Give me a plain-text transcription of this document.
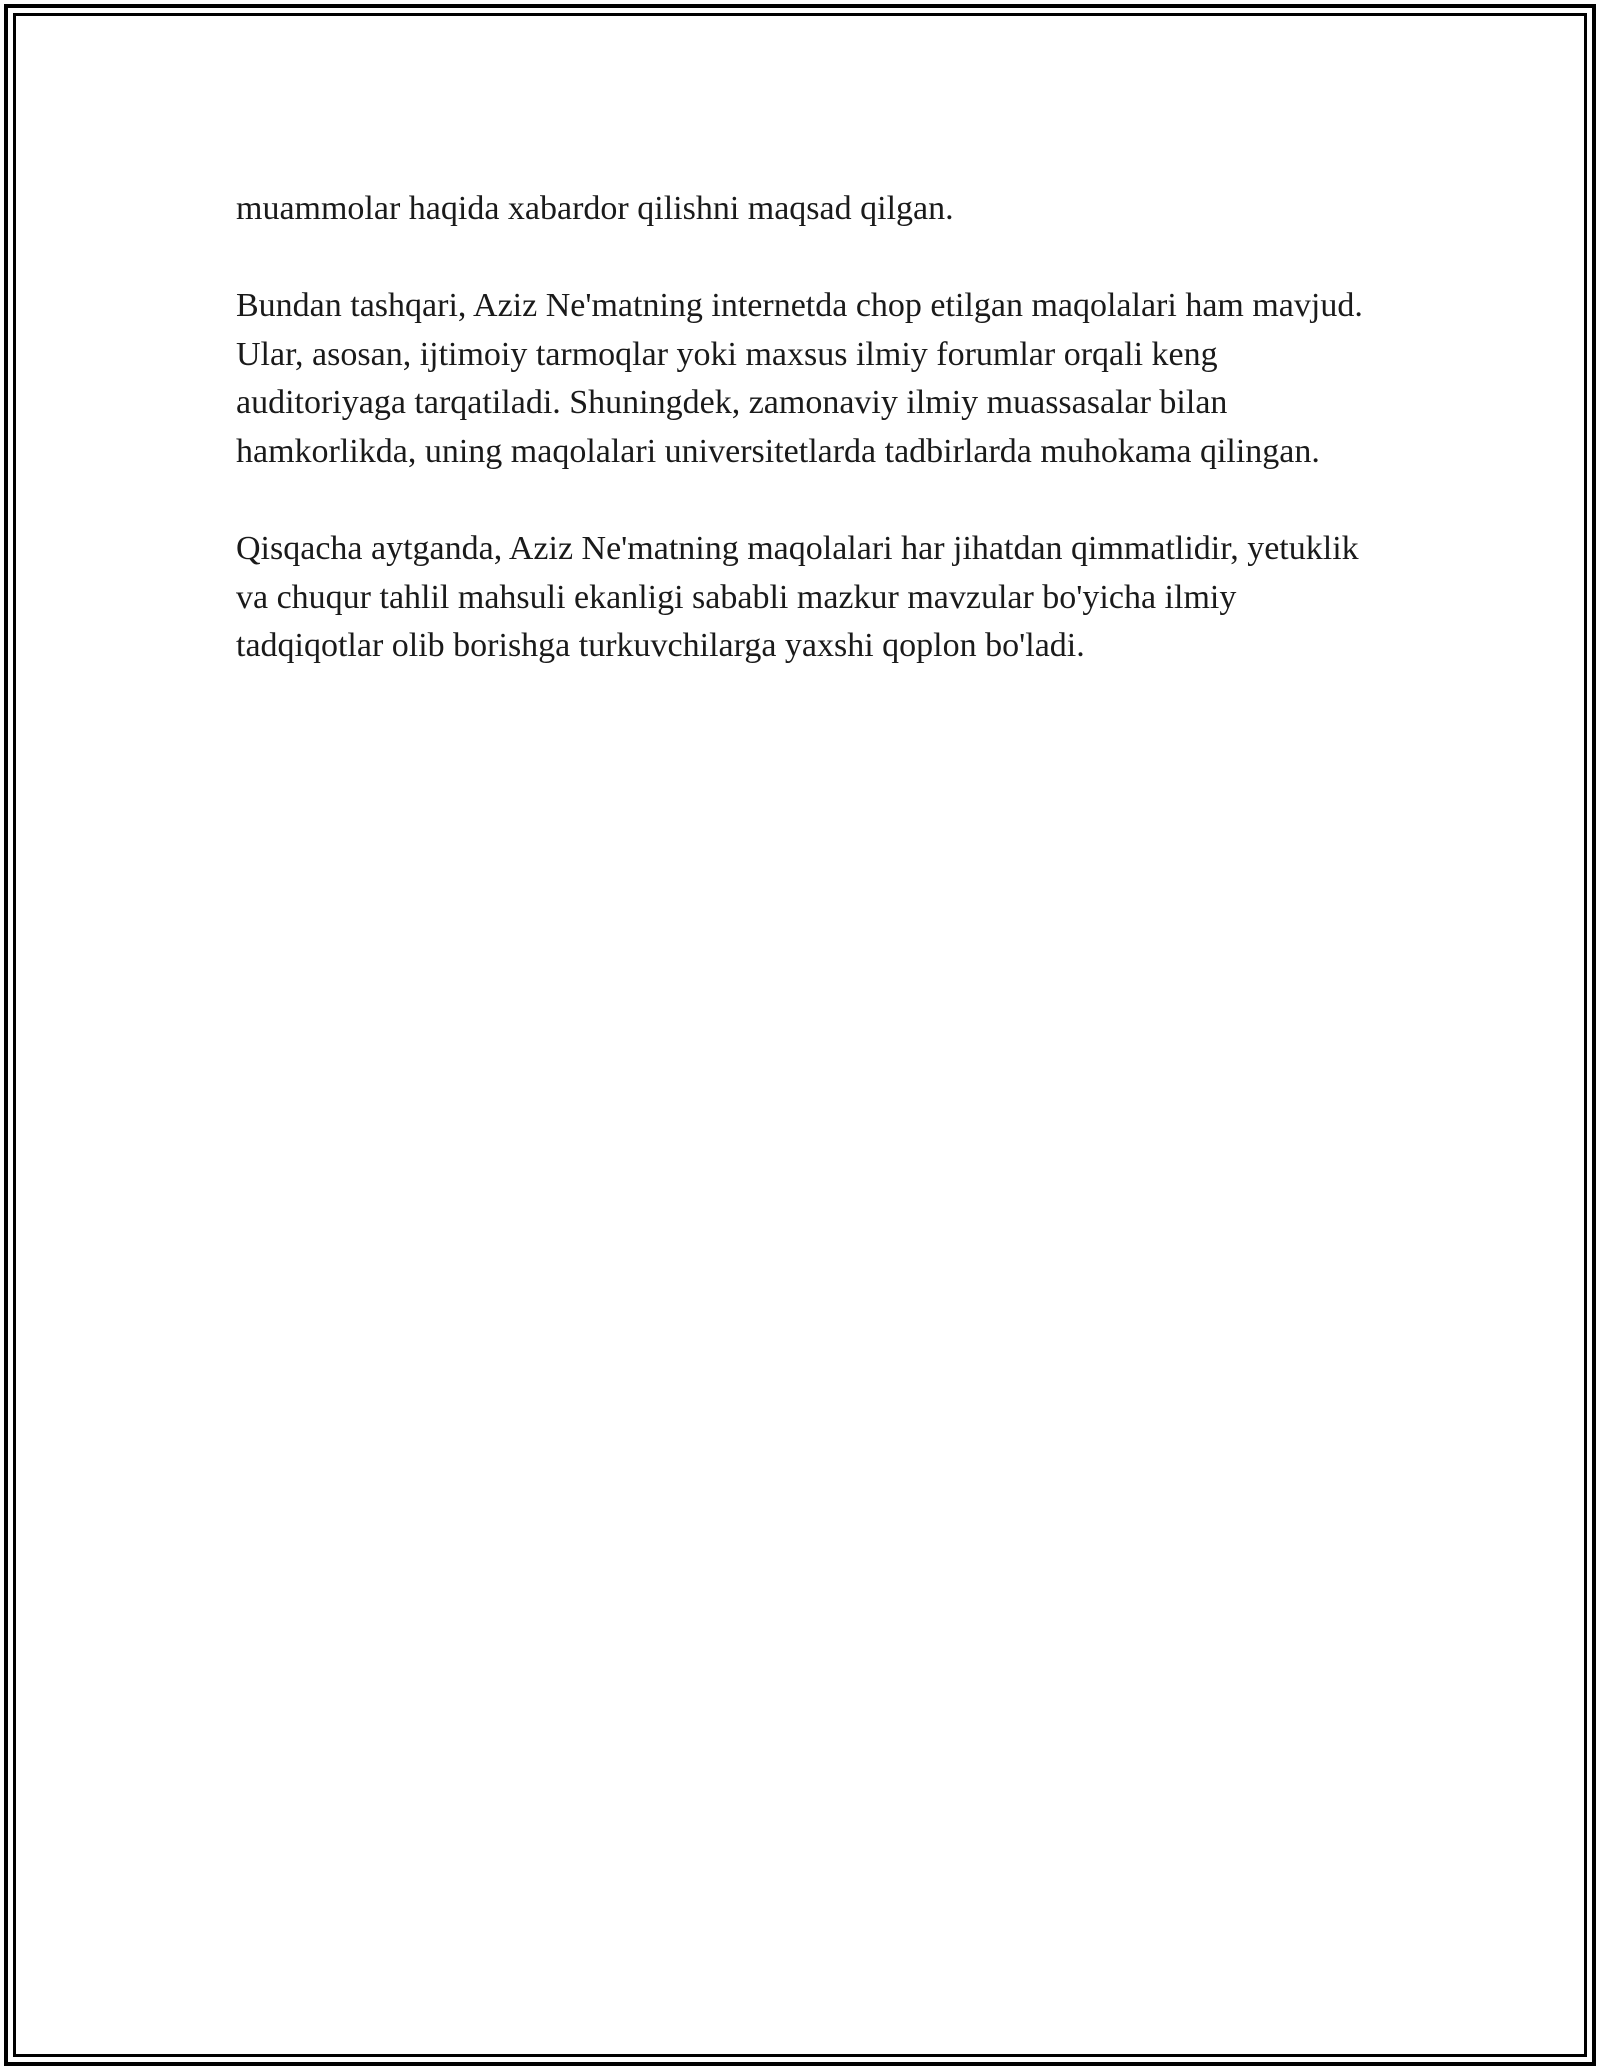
muammolar haqida xabardor qilishni maqsad qilgan.

Bundan tashqari, Aziz Ne'matning internetda chop etilgan maqolalari ham mavjud. Ular, asosan, ijtimoiy tarmoqlar yoki maxsus ilmiy forumlar orqali keng auditoriyaga tarqatiladi. Shuningdek, zamonaviy ilmiy muassasalar bilan hamkorlikda, uning maqolalari universitetlarda tadbirlarda muhokama qilingan.

Qisqacha aytganda, Aziz Ne'matning maqolalari har jihatdan qimmatlidir, yetuklik va chuqur tahlil mahsuli ekanligi sababli mazkur mavzular bo'yicha ilmiy tadqiqotlar olib borishga turkuvchilarga yaxshi qoplon bo'ladi.
